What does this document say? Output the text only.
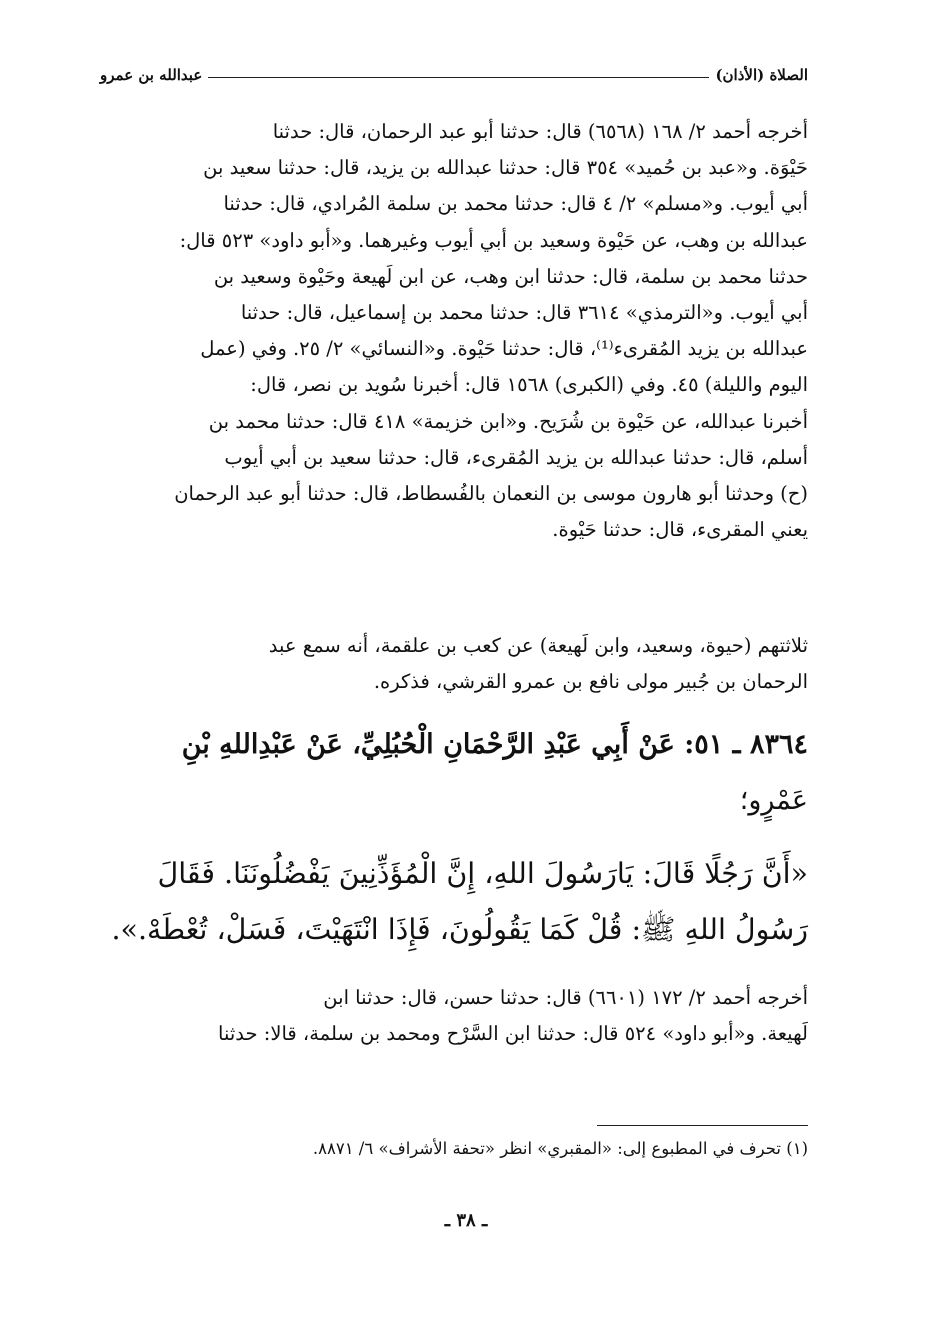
الصلاة (الأذان)
عبدالله بن عمرو

أخرجه أحمد ٢/ ١٦٨ (٦٥٦٨) قال: حدثنا أبو عبد الرحمان، قال: حدثنا

حَيْوَة. و«عبد بن حُميد» ٣٥٤ قال: حدثنا عبدالله بن يزيد، قال: حدثنا سعيد بن

أبي أيوب. و«مسلم» ٢/ ٤ قال: حدثنا محمد بن سلمة المُرادي، قال: حدثنا

عبدالله بن وهب، عن حَيْوة وسعيد بن أبي أيوب وغيرهما. و«أبو داود» ٥٢٣ قال:

حدثنا محمد بن سلمة، قال: حدثنا ابن وهب، عن ابن لَهيعة وحَيْوة وسعيد بن

أبي أيوب. و«الترمذي» ٣٦١٤ قال: حدثنا محمد بن إسماعيل، قال: حدثنا

عبدالله بن يزيد المُقرىء⁽¹⁾، قال: حدثنا حَيْوة. و«النسائي» ٢/ ٢٥. وفي (عمل

اليوم والليلة) ٤٥. وفي (الكبرى) ١٥٦٨ قال: أخبرنا سُويد بن نصر، قال:

أخبرنا عبدالله، عن حَيْوة بن شُرَيح. و«ابن خزيمة» ٤١٨ قال: حدثنا محمد بن

أسلم، قال: حدثنا عبدالله بن يزيد المُقرىء، قال: حدثنا سعيد بن أبي أيوب

(ح) وحدثنا أبو هارون موسى بن النعمان بالفُسطاط، قال: حدثنا أبو عبد الرحمان

يعني المقرىء، قال: حدثنا حَيْوة.

ثلاثتهم (حيوة، وسعيد، وابن لَهيعة) عن كعب بن علقمة، أنه سمع عبد

الرحمان بن جُبير مولى نافع بن عمرو القرشي، فذكره.

٨٣٦٤ ـ ٥١: عَنْ أَبِي عَبْدِ الرَّحْمَانِ الْحُبُلِيِّ، عَنْ عَبْدِاللهِ بْنِ
عَمْرٍو؛
«أَنَّ رَجُلًا قَالَ: يَارَسُولَ اللهِ، إِنَّ الْمُؤَذِّنِينَ يَفْضُلُونَنَا. فَقَالَ
رَسُولُ اللهِ ﷺ: قُلْ كَمَا يَقُولُونَ، فَإِذَا انْتَهَيْتَ، فَسَلْ، تُعْطَهْ.».

أخرجه أحمد ٢/ ١٧٢ (٦٦٠١) قال: حدثنا حسن، قال: حدثنا ابن

لَهيعة. و«أبو داود» ٥٢٤ قال: حدثنا ابن السَّرْح ومحمد بن سلمة، قالا: حدثنا

(١) تحرف في المطبوع إلى: «المقبري» انظر «تحفة الأشراف» ٦/ ٨٨٧١.
ـ ٣٨ ـ
